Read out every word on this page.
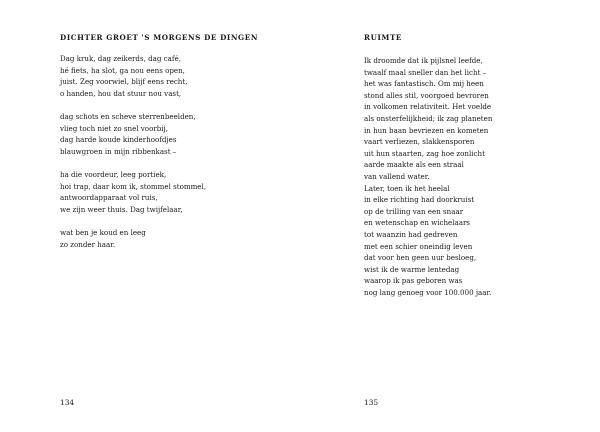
DICHTER GROET 'S MORGENS DE DINGEN
Dag kruk, dag zeikerds, dag café,
hé fiets, ha slot, ga nou eens open,
juist. Zeg voorwiel, blijf eens recht,
o handen, hou dat stuur nou vast,
dag schots en scheve sterrenbeelden,
vlieg toch niet zo snel voorbij,
dag harde koude kinderhoofdjes
blauwgroen in mijn ribbenkast –
ha die voordeur, leeg portiek,
hoi trap, daar kom ik, stommel stommel,
antwoordapparaat vol ruis,
we zijn weer thuis. Dag twijfelaar,
wat ben je koud en leeg
zo zonder haar.
134
RUIMTE
Ik droomde dat ik pijlsnel leefde,
twaalf maal sneller dan het licht –
het was fantastisch. Om mij heen
stond alles stil, voorgoed bevroren
in volkomen relativiteit. Het voelde
als onsterfelijkheid; ik zag planeten
in hun baan bevriezen en kometen
vaart verliezen, slakkensporen
uit hun staarten, zag hoe zonlicht
aarde maakte als een straal
van vallend water.
Later, toen ik het heelal
in elke richting had doorkruist
op de trilling van een snaar
en wetenschap en wichelaars
tot waanzin had gedreven
met een schier oneindig leven
dat voor hen geen uur besloeg,
wist ik de warme lentedag
waarop ik pas geboren was
nog lang genoeg voor 100.000 jaar.
135
